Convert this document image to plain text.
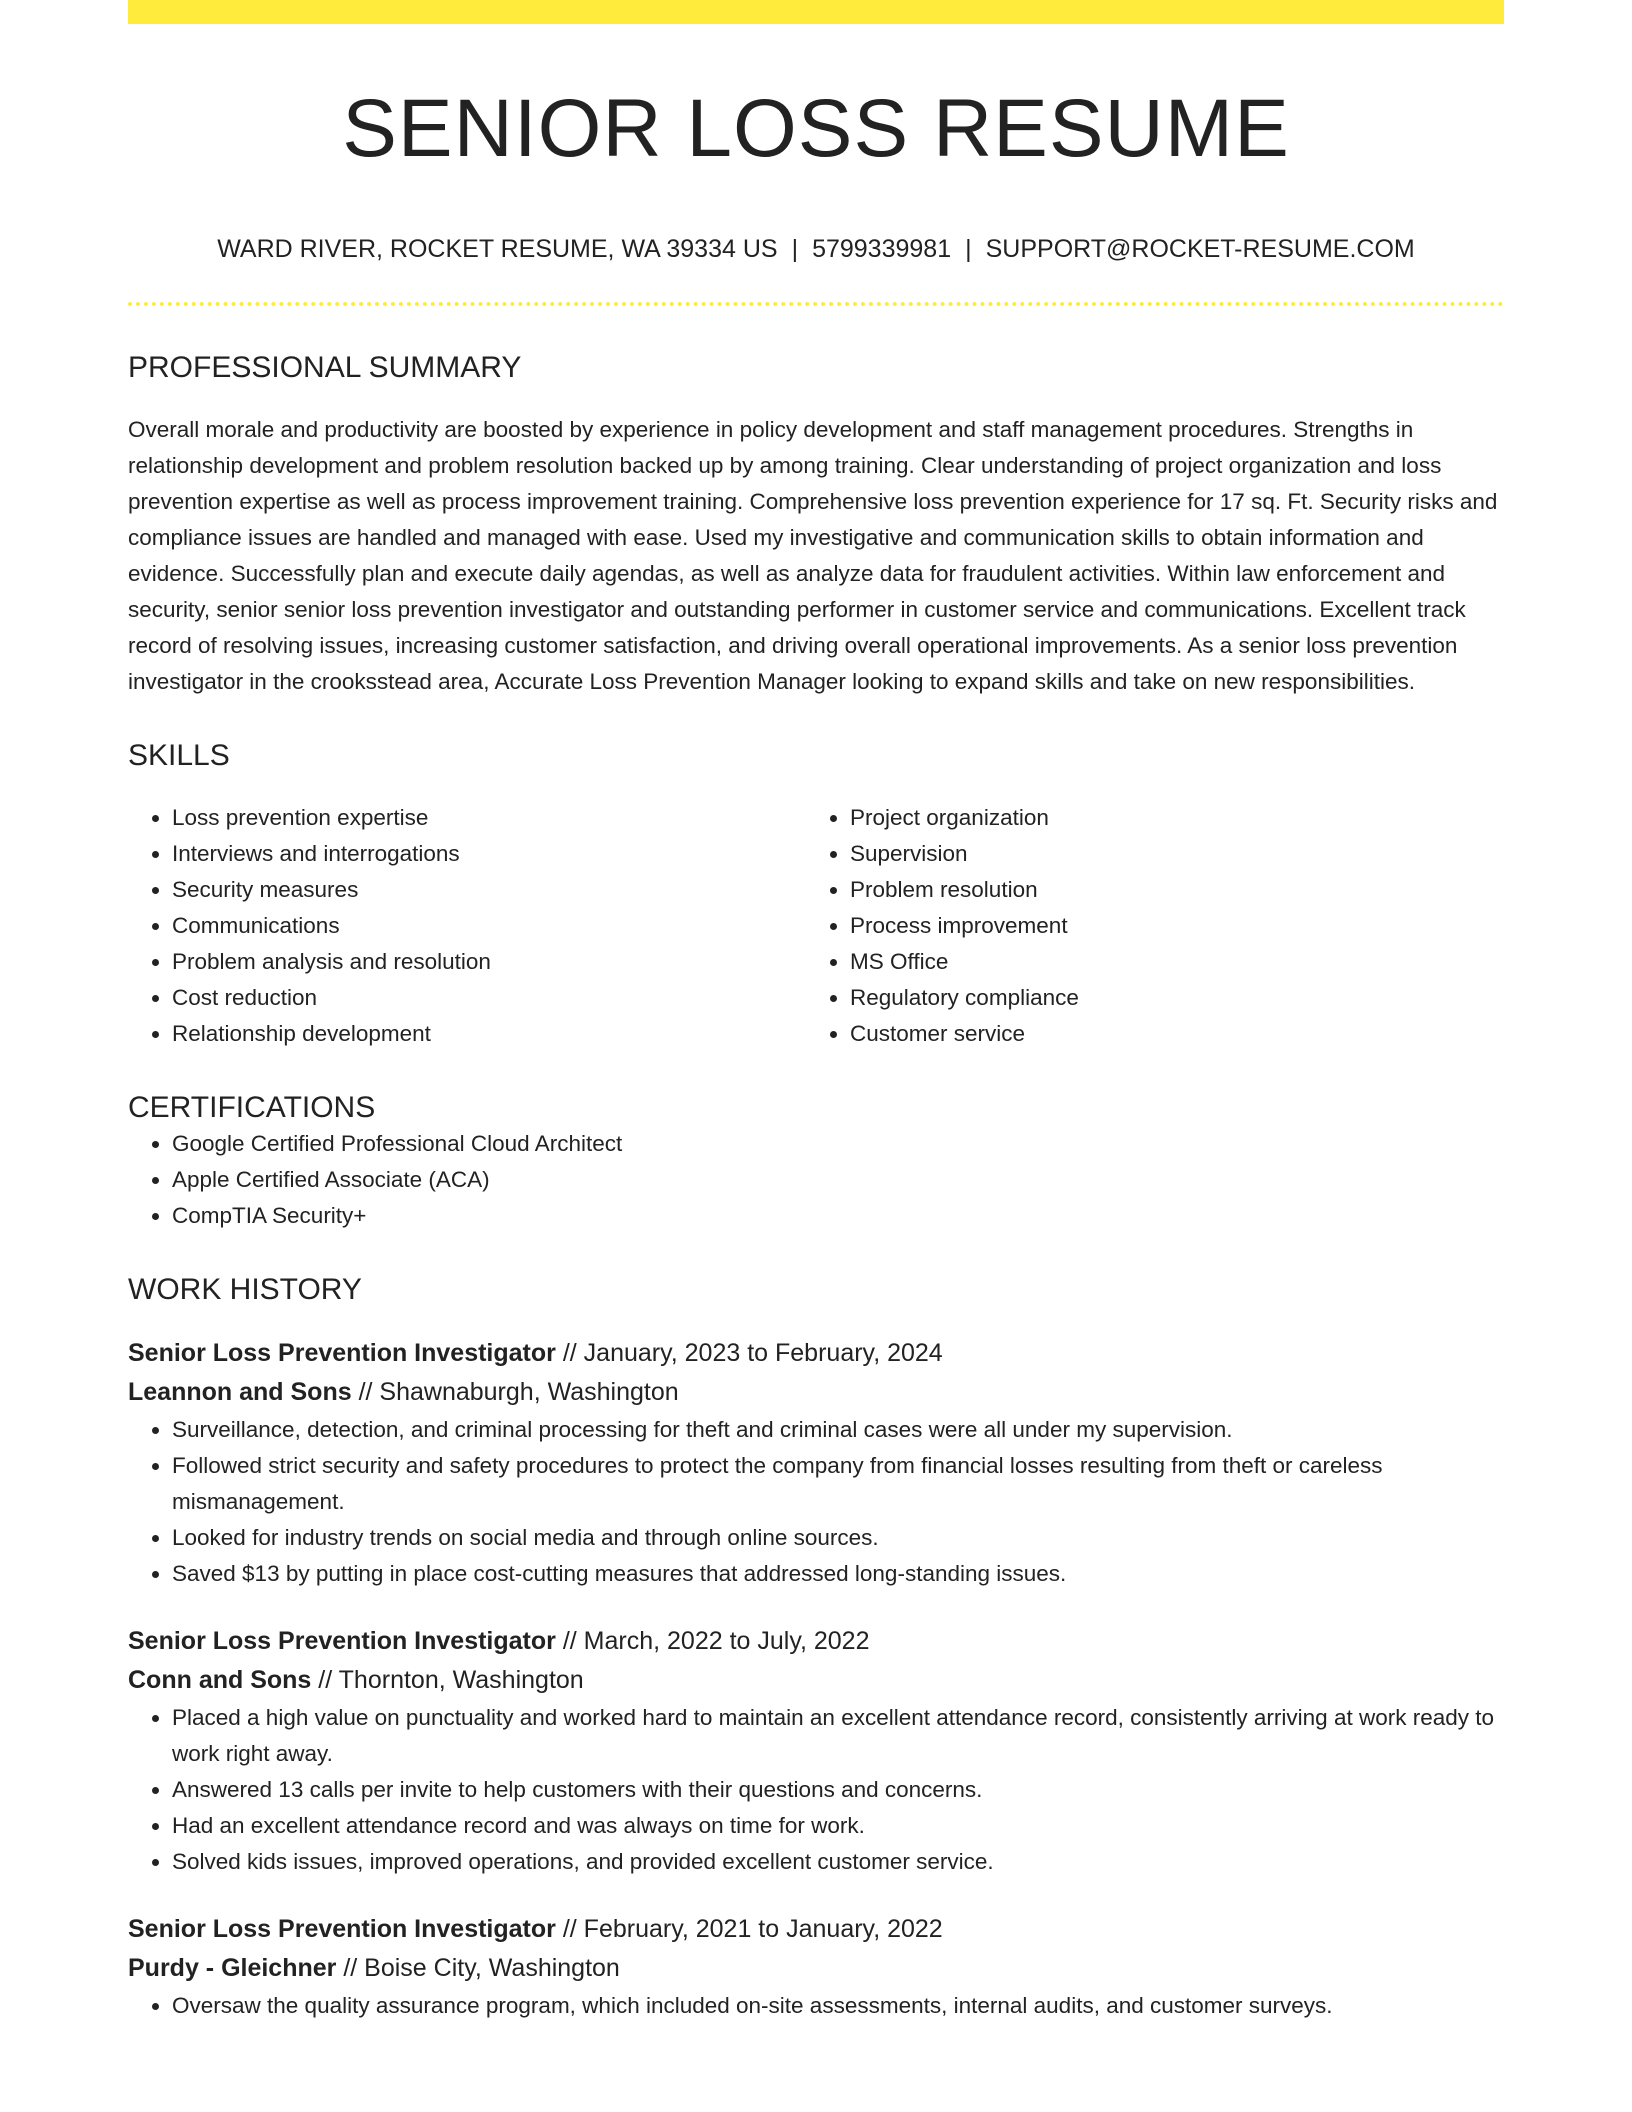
SENIOR LOSS RESUME
WARD RIVER, ROCKET RESUME, WA 39334 US | 5799339981 | SUPPORT@ROCKET-RESUME.COM
PROFESSIONAL SUMMARY
Overall morale and productivity are boosted by experience in policy development and staff management procedures. Strengths in relationship development and problem resolution backed up by among training. Clear understanding of project organization and loss prevention expertise as well as process improvement training. Comprehensive loss prevention experience for 17 sq. Ft. Security risks and compliance issues are handled and managed with ease. Used my investigative and communication skills to obtain information and evidence. Successfully plan and execute daily agendas, as well as analyze data for fraudulent activities. Within law enforcement and security, senior senior loss prevention investigator and outstanding performer in customer service and communications. Excellent track record of resolving issues, increasing customer satisfaction, and driving overall operational improvements. As a senior loss prevention investigator in the crooksstead area, Accurate Loss Prevention Manager looking to expand skills and take on new responsibilities.
SKILLS
• Loss prevention expertise
• Interviews and interrogations
• Security measures
• Communications
• Problem analysis and resolution
• Cost reduction
• Relationship development
• Project organization
• Supervision
• Problem resolution
• Process improvement
• MS Office
• Regulatory compliance
• Customer service
CERTIFICATIONS
• Google Certified Professional Cloud Architect
• Apple Certified Associate (ACA)
• CompTIA Security+
WORK HISTORY
Senior Loss Prevention Investigator // January, 2023 to February, 2024
Leannon and Sons // Shawnaburgh, Washington
• Surveillance, detection, and criminal processing for theft and criminal cases were all under my supervision.
• Followed strict security and safety procedures to protect the company from financial losses resulting from theft or careless mismanagement.
• Looked for industry trends on social media and through online sources.
• Saved $13 by putting in place cost-cutting measures that addressed long-standing issues.
Senior Loss Prevention Investigator // March, 2022 to July, 2022
Conn and Sons // Thornton, Washington
• Placed a high value on punctuality and worked hard to maintain an excellent attendance record, consistently arriving at work ready to work right away.
• Answered 13 calls per invite to help customers with their questions and concerns.
• Had an excellent attendance record and was always on time for work.
• Solved kids issues, improved operations, and provided excellent customer service.
Senior Loss Prevention Investigator // February, 2021 to January, 2022
Purdy - Gleichner // Boise City, Washington
• Oversaw the quality assurance program, which included on-site assessments, internal audits, and customer surveys.
